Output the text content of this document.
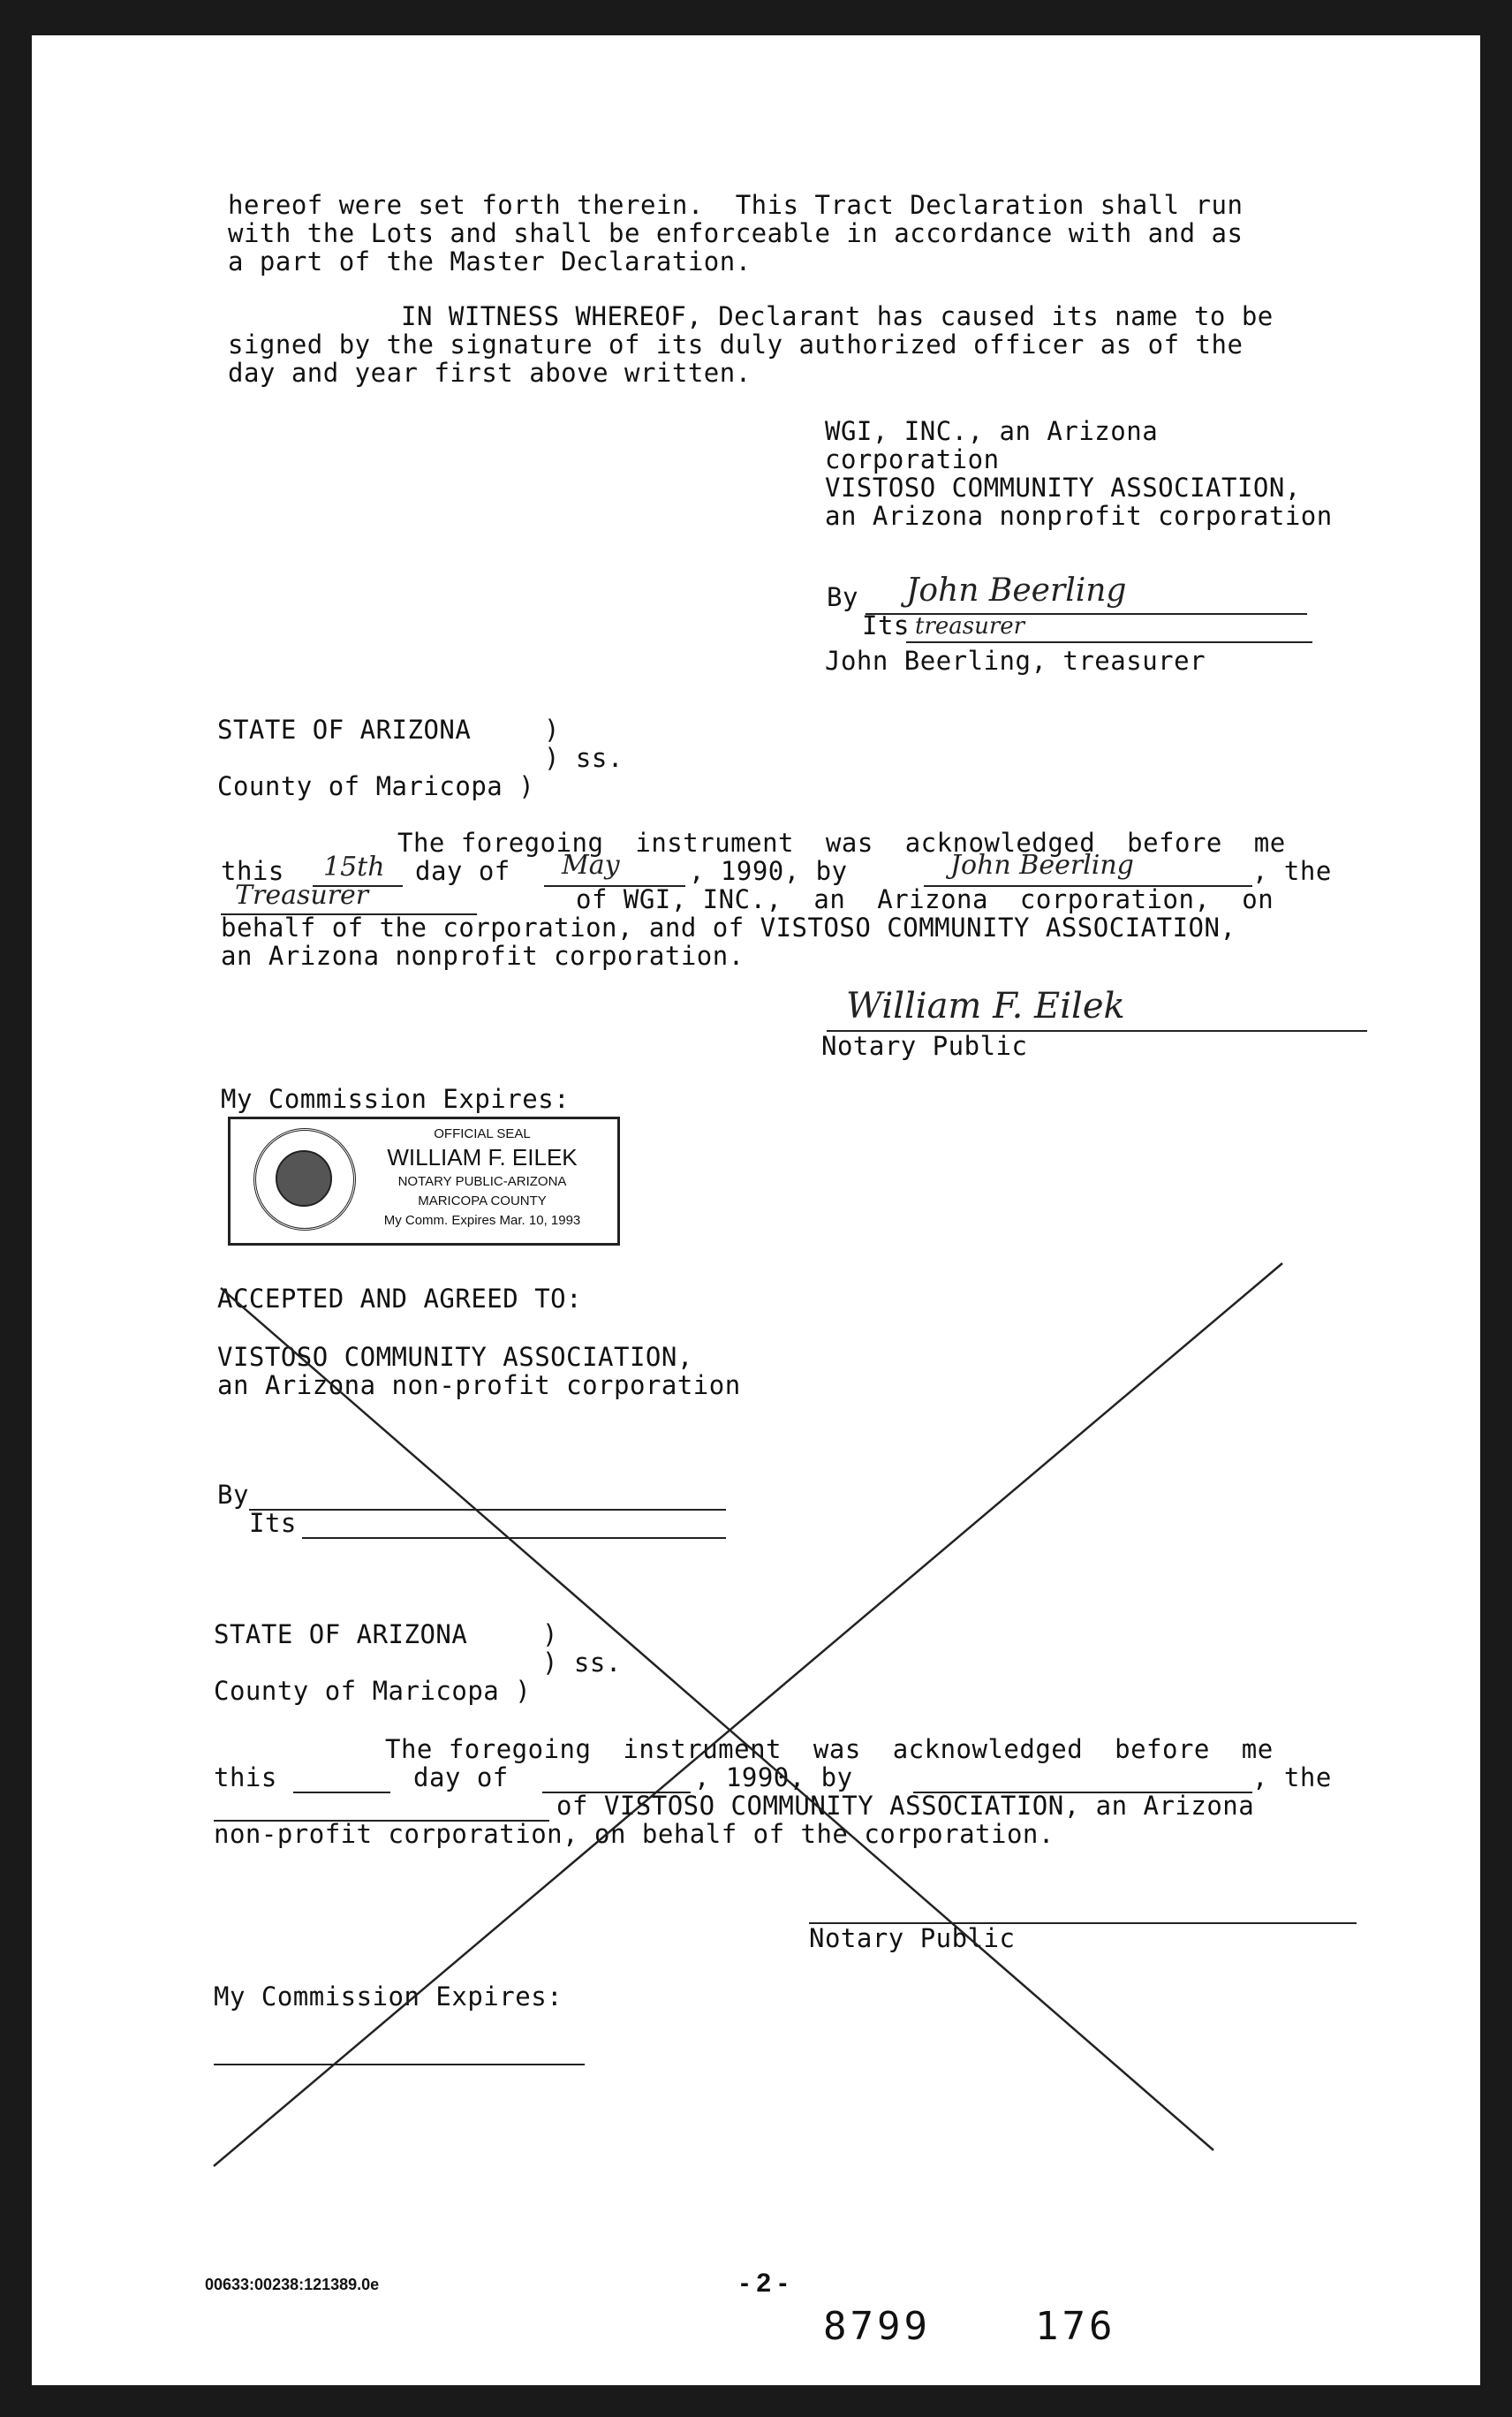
hereof were set forth therein.  This Tract Declaration shall run
with the Lots and shall be enforceable in accordance with and as
a part of the Master Declaration.
IN WITNESS WHEREOF, Declarant has caused its name to be
signed by the signature of its duly authorized officer as of the
day and year first above written.
WGI, INC., an Arizona
corporation
VISTOSO COMMUNITY ASSOCIATION,
an Arizona nonprofit corporation
By John Beerling
Its treasurer
John Beerling, treasurer
STATE OF ARIZONA	)
) ss.
County of Maricopa )
The foregoing  instrument  was  acknowledged  before  me
this 15th day of May	, 1990, by	John Beerling	, the
Treasurer	of WGI, INC.,  an  Arizona  corporation,  on
behalf of the corporation, and of VISTOSO COMMUNITY ASSOCIATION,
an Arizona nonprofit corporation.
William F. Eilek
Notary Public
My Commission Expires:
OFFICIAL SEAL
WILLIAM F. EILEK
NOTARY PUBLIC-ARIZONA
MARICOPA COUNTY
My Comm. Expires Mar. 10, 1993
ACCEPTED AND AGREED TO:
VISTOSO COMMUNITY ASSOCIATION,
an Arizona non-profit corporation
By
Its
STATE OF ARIZONA	)
) ss.
County of Maricopa )
The foregoing  instrument  was  acknowledged  before  me
this	day of	, 1990, by	, the
of VISTOSO COMMUNITY ASSOCIATION, an Arizona
non-profit corporation, on behalf of the corporation.
Notary Public
My Commission Expires:
00633:00238:121389.0e	- 2 -
8799	176
